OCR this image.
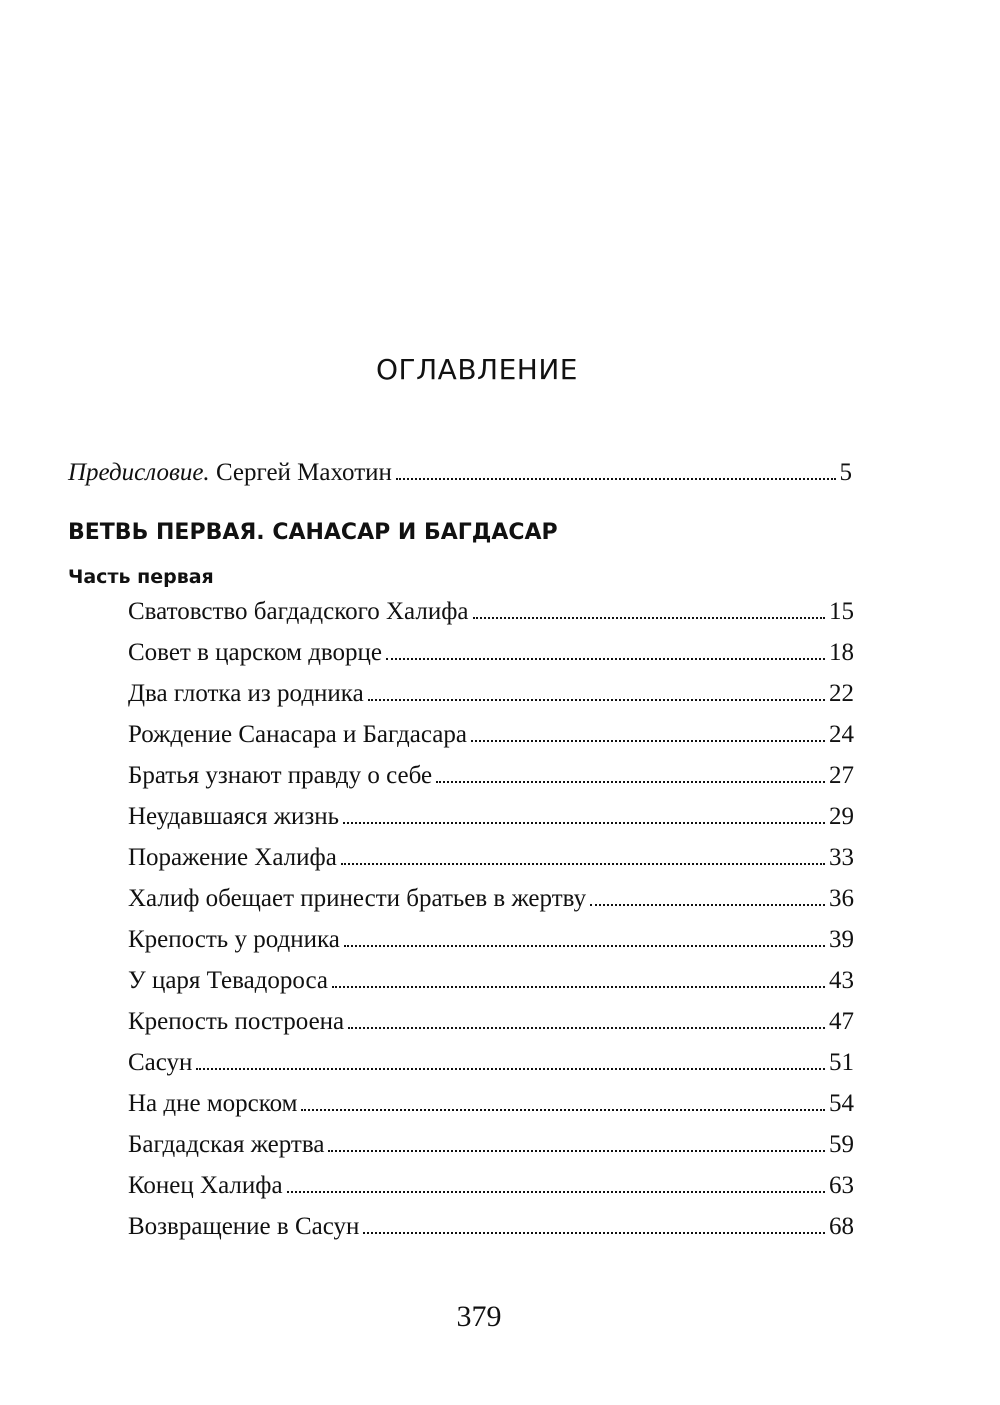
ОГЛАВЛЕНИЕ
Предисловие. Сергей Махотин	5
ВЕТВЬ ПЕРВАЯ. САНАСАР И БАГДАСАР
Часть первая
Сватовство багдадского Халифа	15
Совет в царском дворце	18
Два глотка из родника	22
Рождение Санасара и Багдасара	24
Братья узнают правду о себе	27
Неудавшаяся жизнь	29
Поражение Халифа	33
Халиф обещает принести братьев в жертву	36
Крепость у родника	39
У царя Тевадороса	43
Крепость построена	47
Сасун	51
На дне морском	54
Багдадская жертва	59
Конец Халифа	63
Возвращение в Сасун	68
379
